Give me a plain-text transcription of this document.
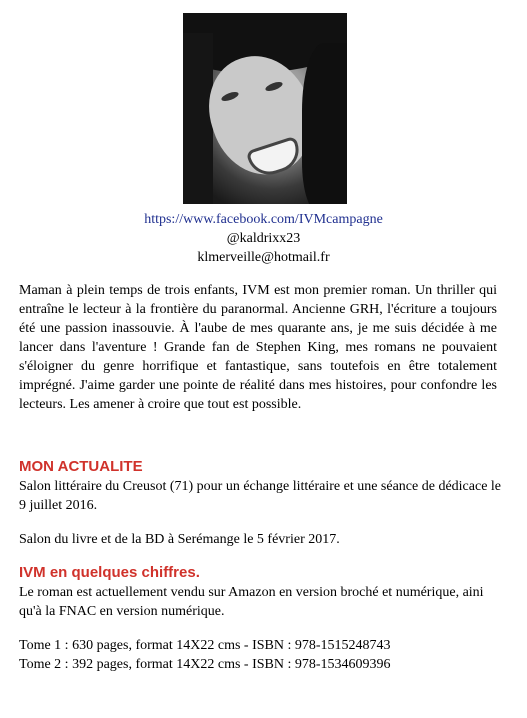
https://www.facebook.com/IVMcampagne
@kaldrixx23
klmerveille@hotmail.fr

Maman à plein temps de trois enfants, IVM est mon premier roman. Un thriller qui entraîne le lecteur à la frontière du paranormal. Ancienne GRH, l'écriture a toujours été une passion inassouvie. À l'aube de mes quarante ans, je me suis décidée à me lancer dans l'aventure ! Grande fan de Stephen King, mes romans ne pouvaient s'éloigner du genre horrifique et fantastique, sans toutefois en être totalement imprégné. J'aime garder une pointe de réalité dans mes histoires, pour confondre les lecteurs. Les amener à croire que tout est possible.

MON ACTUALITE

Salon littéraire du Creusot (71) pour un échange littéraire et une séance de dédicace le 9 juillet 2016.

Salon du livre et de la BD à Serémange le 5 février 2017.

IVM en quelques chiffres.

Le roman est actuellement vendu sur Amazon en version broché et numérique, aini qu'à la FNAC en version numérique.

Tome 1 : 630 pages, format 14X22 cms - ISBN : 978-1515248743

Tome 2 : 392 pages, format 14X22 cms - ISBN : 978-1534609396
